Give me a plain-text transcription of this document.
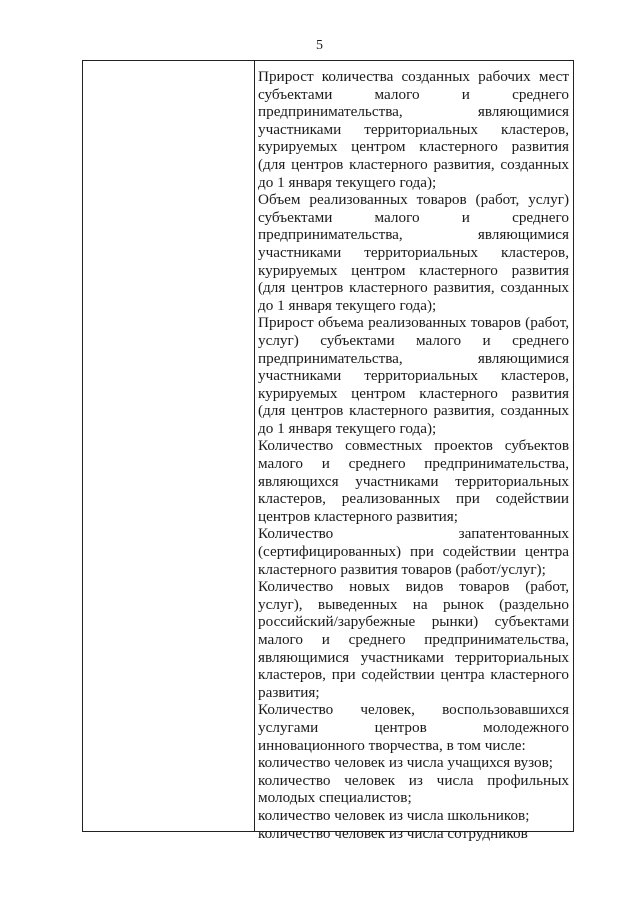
5
Прирост количества созданных рабочих мест субъектами малого и среднего предпринимательства, являющимися участниками территориальных кластеров, курируемых центром кластерного развития (для центров кластерного развития, созданных до 1 января текущего года);
Объем реализованных товаров (работ, услуг) субъектами малого и среднего предпринимательства, являющимися участниками территориальных кластеров, курируемых центром кластерного развития (для центров кластерного развития, созданных до 1 января текущего года);
Прирост объема реализованных товаров (работ, услуг) субъектами малого и среднего предпринимательства, являющимися участниками территориальных кластеров, курируемых центром кластерного развития (для центров кластерного развития, созданных до 1 января текущего года);
Количество совместных проектов субъектов малого и среднего предпринимательства, являющихся участниками территориальных кластеров, реализованных при содействии центров кластерного развития;
Количество запатентованных (сертифицированных) при содействии центра кластерного развития товаров (работ/услуг);
Количество новых видов товаров (работ, услуг), выведенных на рынок (раздельно российский/зарубежные рынки) субъектами малого и среднего предпринимательства, являющимися участниками территориальных кластеров, при содействии центра кластерного развития;
Количество человек, воспользовавшихся услугами центров молодежного инновационного творчества, в том числе:
количество человек из числа учащихся вузов;
количество человек из числа профильных молодых специалистов;
количество человек из числа школьников;
количество человек из числа сотрудников
